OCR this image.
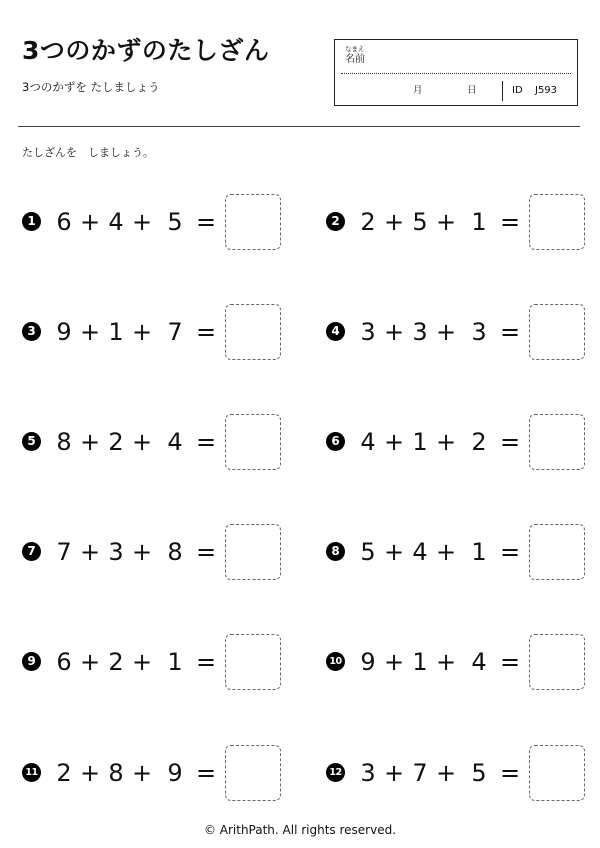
3つのかずのたしざん
3つのかずを たしましょう
なまえ
名前
月	日	ID J593
たしざんを　しましょう。
1 6 + 4 + 5 =	2 2 + 5 + 1 =
3 9 + 1 + 7 =	4 3 + 3 + 3 =
5 8 + 2 + 4 =	6 4 + 1 + 2 =
7 7 + 3 + 8 =	8 5 + 4 + 1 =
9 6 + 2 + 1 =	10 9 + 1 + 4 =
11 2 + 8 + 9 =	12 3 + 7 + 5 =
© ArithPath. All rights reserved.
